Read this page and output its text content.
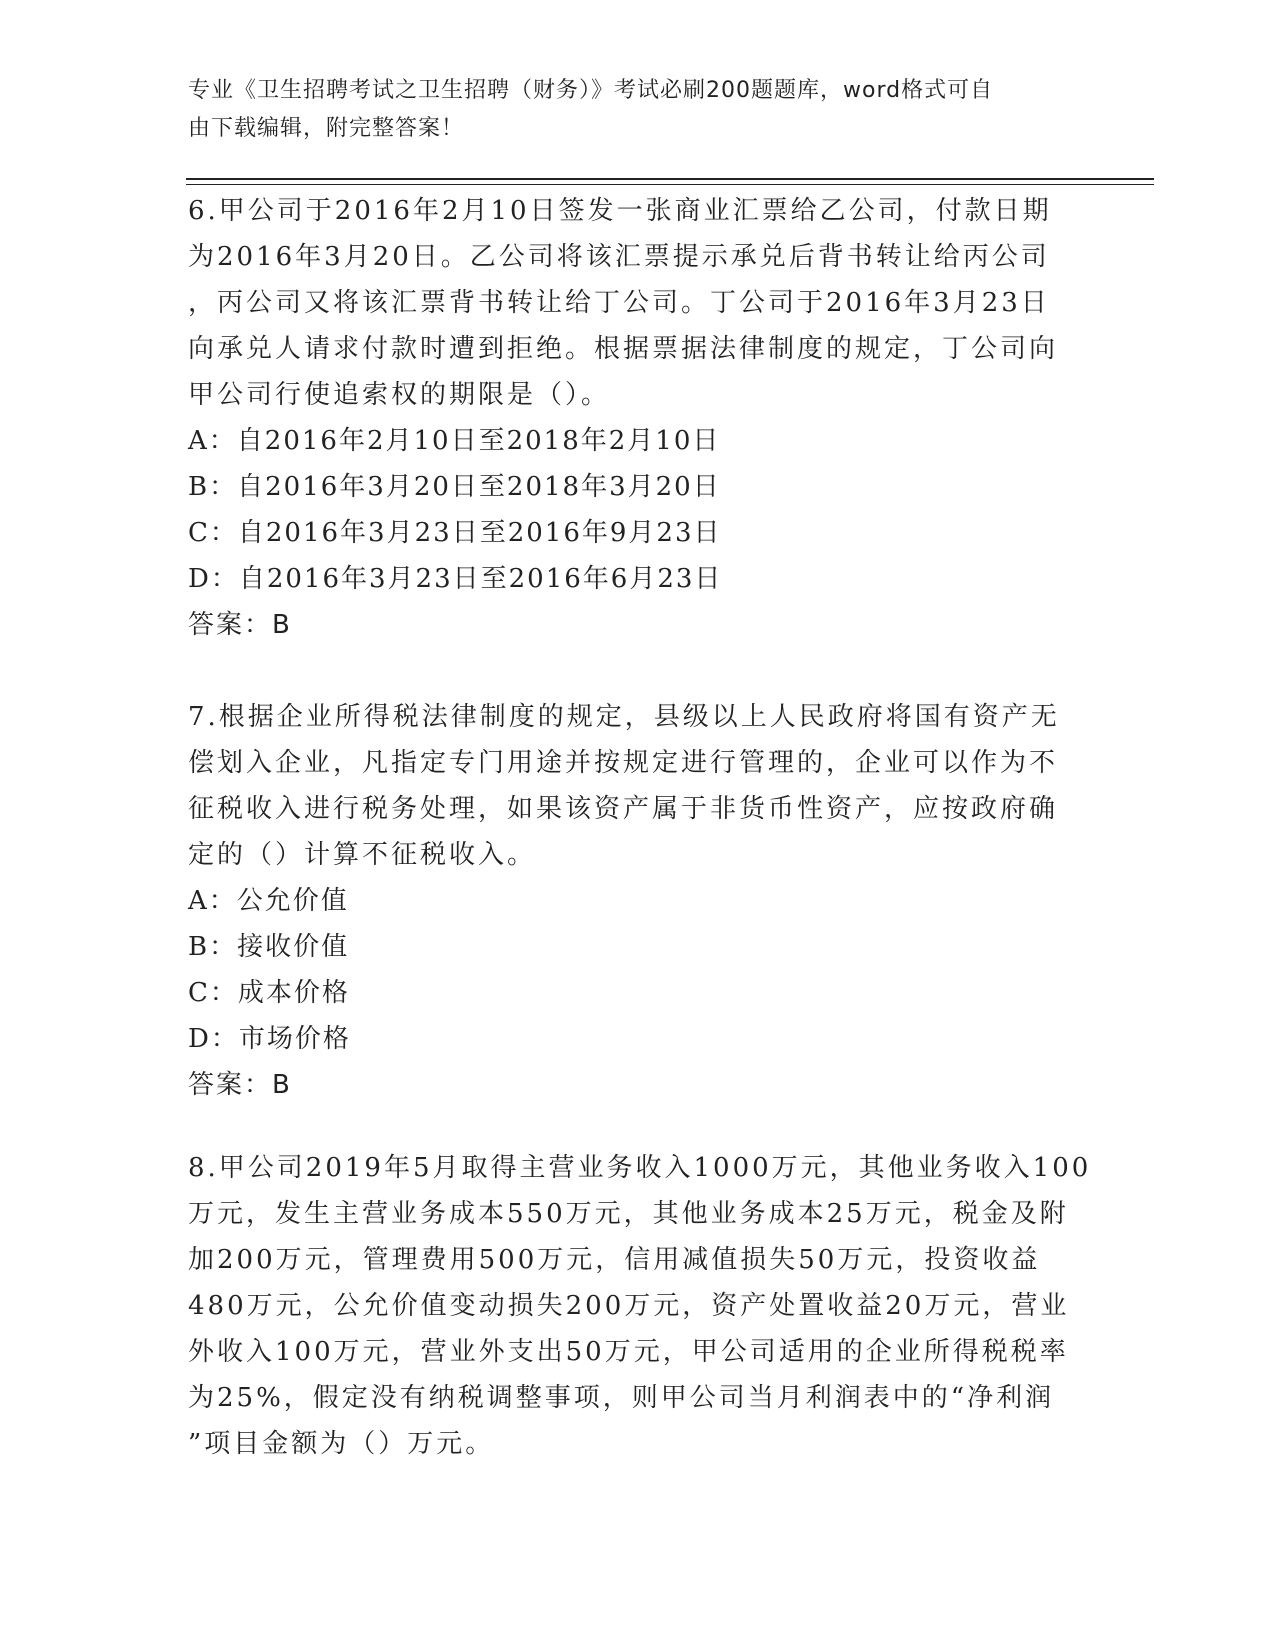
专业《卫生招聘考试之卫生招聘（财务）》考试必刷200题题库，word格式可自
由下载编辑，附完整答案！
6.甲公司于2016年2月10日签发一张商业汇票给乙公司，付款日期
为2016年3月20日。乙公司将该汇票提示承兑后背书转让给丙公司
，丙公司又将该汇票背书转让给丁公司。丁公司于2016年3月23日
向承兑人请求付款时遭到拒绝。根据票据法律制度的规定，丁公司向
甲公司行使追索权的期限是（）。
A：自2016年2月10日至2018年2月10日
B：自2016年3月20日至2018年3月20日
C：自2016年3月23日至2016年9月23日
D：自2016年3月23日至2016年6月23日

答案：B

7.根据企业所得税法律制度的规定，县级以上人民政府将国有资产无
偿划入企业，凡指定专门用途并按规定进行管理的，企业可以作为不
征税收入进行税务处理，如果该资产属于非货币性资产，应按政府确
定的（）计算不征税收入。
A：公允价值
B：接收价值
C：成本价格
D：市场价格

答案：B

8.甲公司2019年5月取得主营业务收入1000万元，其他业务收入100
万元，发生主营业务成本550万元，其他业务成本25万元，税金及附
加200万元，管理费用500万元，信用减值损失50万元，投资收益
480万元，公允价值变动损失200万元，资产处置收益20万元，营业
外收入100万元，营业外支出50万元，甲公司适用的企业所得税税率
为25%，假定没有纳税调整事项，则甲公司当月利润表中的“净利润
”项目金额为（）万元。
